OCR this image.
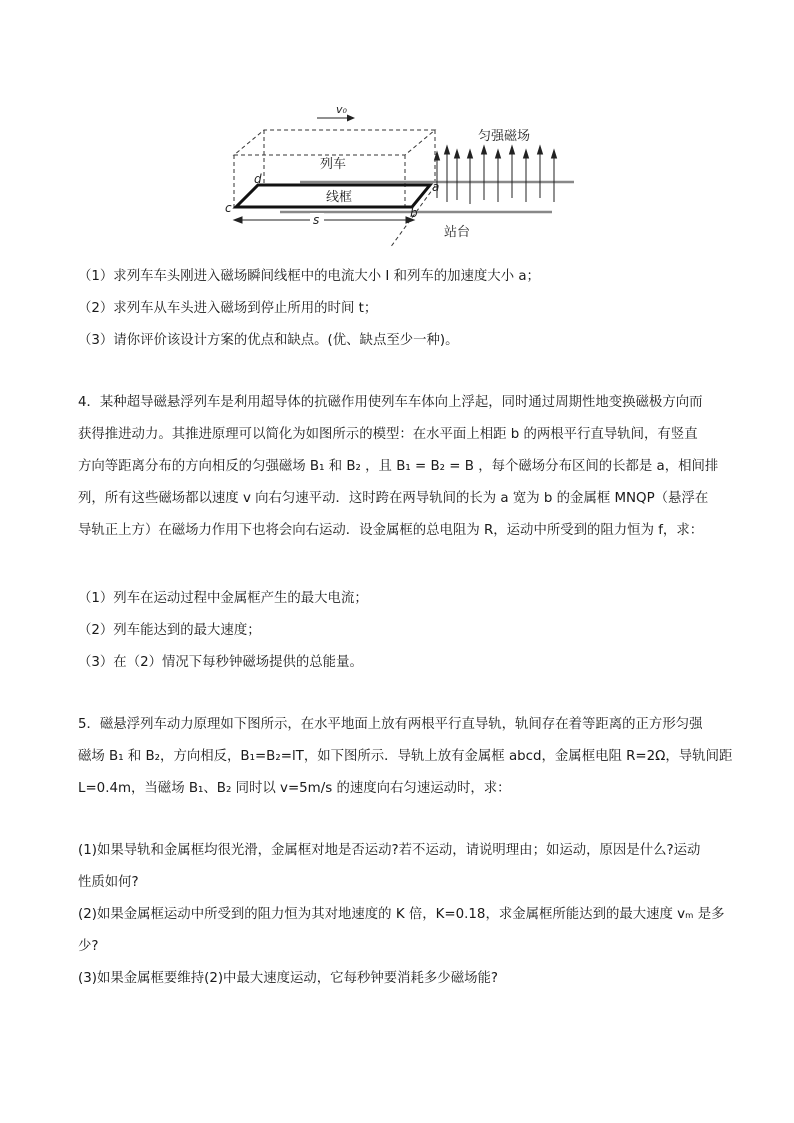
v₀
列车
匀强磁场
线框
a
b
c
d
s
站台
（1）求列车车头刚进入磁场瞬间线框中的电流大小 I 和列车的加速度大小 a；
（2）求列车从车头进入磁场到停止所用的时间 t；
（3）请你评价该设计方案的优点和缺点。(优、缺点至少一种)。
4．某种超导磁悬浮列车是利用超导体的抗磁作用使列车车体向上浮起，同时通过周期性地变换磁极方向而
获得推进动力。其推进原理可以简化为如图所示的模型：在水平面上相距 b 的两根平行直导轨间，有竖直
方向等距离分布的方向相反的匀强磁场 B₁ 和 B₂ ，且 B₁ = B₂ = B ，每个磁场分布区间的长都是 a，相间排
列，所有这些磁场都以速度 v 向右匀速平动．这时跨在两导轨间的长为 a 宽为 b 的金属框 MNQP（悬浮在
导轨正上方）在磁场力作用下也将会向右运动．设金属框的总电阻为 R，运动中所受到的阻力恒为 f，求：
（1）列车在运动过程中金属框产生的最大电流；
（2）列车能达到的最大速度；
（3）在（2）情况下每秒钟磁场提供的总能量。
5．磁悬浮列车动力原理如下图所示，在水平地面上放有两根平行直导轨，轨间存在着等距离的正方形匀强
磁场 B₁ 和 B₂，方向相反，B₁=B₂=lT，如下图所示．导轨上放有金属框 abcd，金属框电阻 R=2Ω，导轨间距
L=0.4m，当磁场 B₁、B₂ 同时以 v=5m/s 的速度向右匀速运动时，求：
(1)如果导轨和金属框均很光滑，金属框对地是否运动?若不运动，请说明理由；如运动，原因是什么?运动
性质如何?
(2)如果金属框运动中所受到的阻力恒为其对地速度的 K 倍，K=0.18，求金属框所能达到的最大速度 vₘ 是多
少?
(3)如果金属框要维持(2)中最大速度运动，它每秒钟要消耗多少磁场能?
